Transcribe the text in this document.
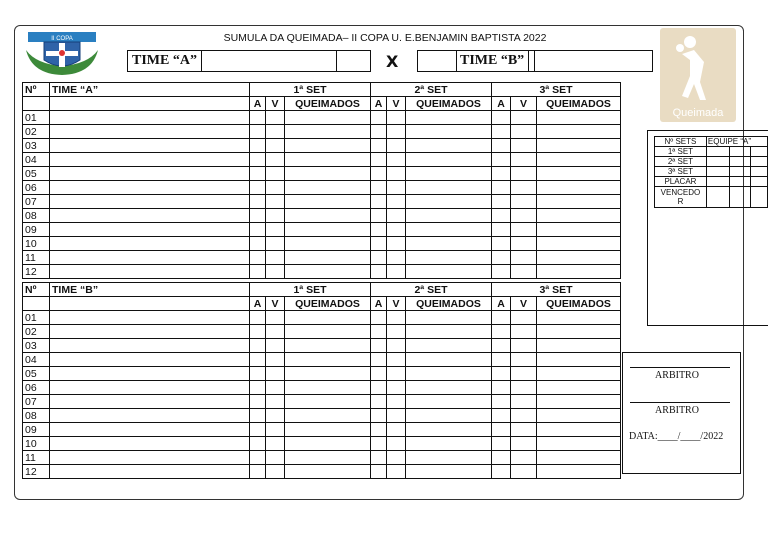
II COPA	SUMULA DA QUEIMADA– II COPA U. E.BENJAMIN BAPTISTA 2022
TIME “A”	X	TIME “B”
Queimada
Nº	TIME “A”	1ª SET			2ª SET			3ª SET		
		A	V	QUEIMADOS	A	V	QUEIMADOS	A	V	QUEIMADOS
01										
02										
03										
04										
05										
06										
07										
08										
09										
10										
11										
12										
Nº	TIME “B”	1ª SET			2ª SET			3ª SET		
		A	V	QUEIMADOS	A	V	QUEIMADOS	A	V	QUEIMADOS
01										
02										
03										
04										
05										
06										
07										
08										
09										
10										
11										
12										
Nº SETS	EQUIPE “A”		
1ª SET			
2ª SET			
3ª SET			
PLACAR			
VENCEDO
R			
ARBITRO
ARBITRO
DATA:____/____/2022
